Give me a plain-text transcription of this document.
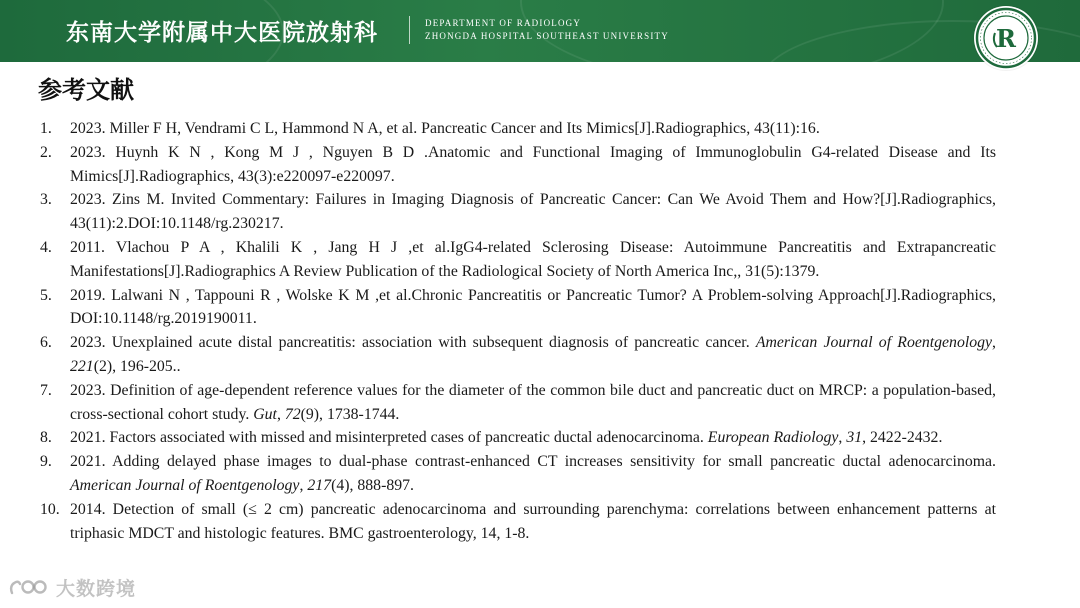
东南大学附属中大医院放射科	DEPARTMENT OF RADIOLOGY
ZHONGDA HOSPITAL SOUTHEAST UNIVERSITY	R
参考文献
1.	2023. Miller F H, Vendrami C L, Hammond N A, et al. Pancreatic Cancer and Its Mimics[J].Radiographics, 43(11):16.
2.	2023. Huynh K N , Kong M J , Nguyen B D .Anatomic and Functional Imaging of Immunoglobulin G4-related Disease and Its Mimics[J].Radiographics, 43(3):e220097-e220097.
3.	2023. Zins M. Invited Commentary: Failures in Imaging Diagnosis of Pancreatic Cancer: Can We Avoid Them and How?[J].Radiographics, 43(11):2.DOI:10.1148/rg.230217.
4.	2011. Vlachou P A , Khalili K , Jang H J ,et al.IgG4-related Sclerosing Disease: Autoimmune Pancreatitis and Extrapancreatic Manifestations[J].Radiographics A Review Publication of the Radiological Society of North America Inc,, 31(5):1379.
5.	2019. Lalwani N , Tappouni R , Wolske K M ,et al.Chronic Pancreatitis or Pancreatic Tumor? A Problem-solving Approach[J].Radiographics, DOI:10.1148/rg.2019190011.
6.	2023. Unexplained acute distal pancreatitis: association with subsequent diagnosis of pancreatic cancer. American Journal of Roentgenology, 221(2), 196-205..
7.	2023. Definition of age-dependent reference values for the diameter of the common bile duct and pancreatic duct on MRCP: a population-based, cross-sectional cohort study. Gut, 72(9), 1738-1744.
8.	2021. Factors associated with missed and misinterpreted cases of pancreatic ductal adenocarcinoma. European Radiology, 31, 2422-2432.
9.	2021. Adding delayed phase images to dual-phase contrast-enhanced CT increases sensitivity for small pancreatic ductal adenocarcinoma. American Journal of Roentgenology, 217(4), 888-897.
10. 2014. Detection of small (≤ 2 cm) pancreatic adenocarcinoma and surrounding parenchyma: correlations between enhancement patterns at triphasic MDCT and histologic features. BMC gastroenterology, 14, 1-8.
大数跨境
